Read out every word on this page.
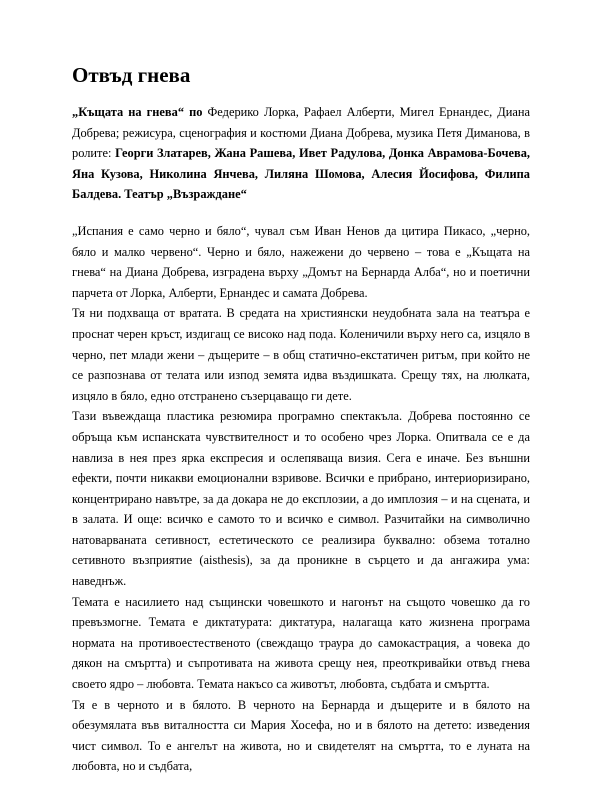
Отвъд гнева

„Къщата на гнева“ по Федерико Лорка, Рафаел Алберти, Мигел Ернандес, Диана Добрева; режисура, сценография и костюми Диана Добрева, музика Петя Диманова, в ролите: Георги Златарев, Жана Рашева, Ивет Радулова, Донка Аврамова-Бочева, Яна Кузова, Николина Янчева, Лиляна Шомова, Алесия Йосифова, Филипа Балдева. Театър „Възраждане“

„Испания е само черно и бяло“, чувал съм Иван Ненов да цитира Пикасо, „черно, бяло и малко червено“. Черно и бяло, нажежени до червено – това е „Къщата на гнева“ на Диана Добрева, изградена върху „Домът на Бернарда Алба“, но и поетични парчета от Лорка, Алберти, Ернандес и самата Добрева.

Тя ни подхваща от вратата. В средата на християнски неудобната зала на театъра е проснат черен кръст, издигащ се високо над пода. Коленичили върху него са, изцяло в черно, пет млади жени – дъщерите – в общ статично-екстатичен ритъм, при който не се разпознава от телата или изпод земята идва въздишката. Срещу тях, на люлката, изцяло в бяло, едно отстранено съзерцаващо ги дете.

Тази въвеждаща пластика резюмира програмно спектакъла. Добрева постоянно се обръща към испанската чувствителност и то особено чрез Лорка. Опитвала се е да навлиза в нея през ярка експресия и ослепяваща визия. Сега е иначе. Без външни ефекти, почти никакви емоционални взривове. Всички е прибрано, интериоризирано, концентрирано навътре, за да докара не до експлозии, а до имплозия – и на сцената, и в залата. И още: всичко е самото то и всичко е символ. Разчитайки на символично натоварваната сетивност, естетическото се реализира буквално: обзема тотално сетивното възприятие (aisthesis), за да проникне в сърцето и да ангажира ума: наведнъж.

Темата е насилието над същински човешкото и нагонът на същото човешко да го превъзмогне. Темата е диктатурата: диктатура, налагаща като жизнена програма нормата на противоестественото (свеждащо траура до самокастрация, а човека до дякон на смъртта) и съпротивата на живота срещу нея, преоткривайки отвъд гнева своето ядро – любовта. Темата накъсо са животът, любовта, съдбата и смъртта.

Тя е в черното и в бялото. В черното на Бернарда и дъщерите и в бялото на обезумялата във виталността си Мария Хосефа, но и в бялото на детето: изведения чист символ. То е ангелът на живота, но и свидетелят на смъртта, то е луната на любовта, но и съдбата,
